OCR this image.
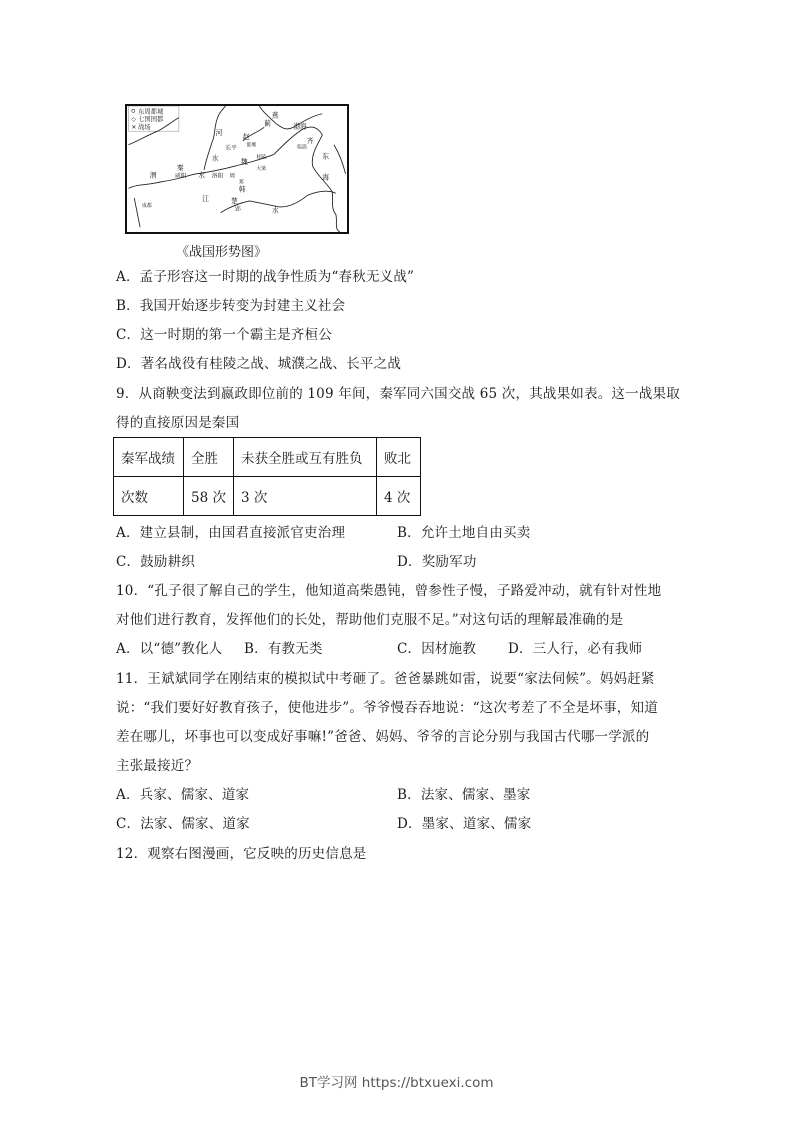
东周都城
◇ 七国国都
✕ 战场
燕
蓟	渤海
河	赵
邯郸
长平
齐
临淄
水	魏
桂陵
大梁
东
秦
渭	咸阳 水 洛阳 周
郑
韩
海
江	楚
郢	水
成都
《战国形势图》
A．孟子形容这一时期的战争性质为“春秋无义战”
B．我国开始逐步转变为封建主义社会
C．这一时期的第一个霸主是齐桓公
D．著名战役有桂陵之战、城濮之战、长平之战
9．从商鞅变法到嬴政即位前的 109 年间，秦军同六国交战 65 次，其战果如表。这一战果取
得的直接原因是秦国
秦军战绩	全胜	未获全胜或互有胜负	败北
次数	58 次	3 次	4 次
A．建立县制，由国君直接派官吏治理	B．允许土地自由买卖
C．鼓励耕织	D．奖励军功
10．“孔子很了解自己的学生，他知道高柴愚钝，曾参性子慢，子路爱冲动，就有针对性地
对他们进行教育，发挥他们的长处，帮助他们克服不足。”对这句话的理解最准确的是
A．以“德”教化人 B．有教无类	C．因材施教 D．三人行，必有我师
11．王斌斌同学在刚结束的模拟试中考砸了。爸爸暴跳如雷，说要“家法伺候”。妈妈赶紧
说：“我们要好好教育孩子，使他进步”。爷爷慢吞吞地说：“这次考差了不全是坏事，知道
差在哪儿，坏事也可以变成好事嘛!”爸爸、妈妈、爷爷的言论分别与我国古代哪一学派的
主张最接近？
A．兵家、儒家、道家	B．法家、儒家、墨家
C．法家、儒家、道家	D．墨家、道家、儒家
12．观察右图漫画，它反映的历史信息是
BT学习网 https://btxuexi.com
